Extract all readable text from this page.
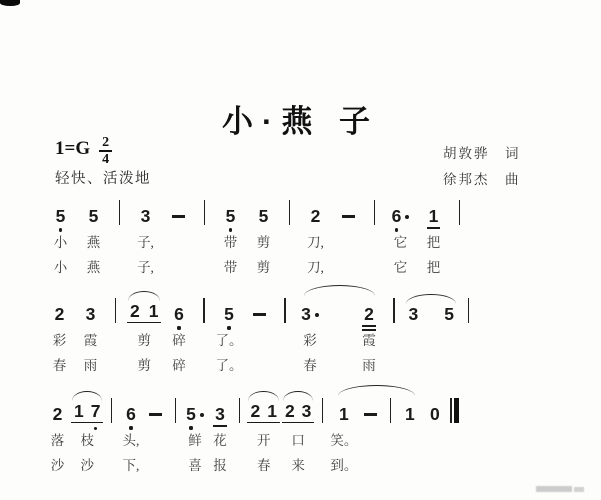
小·燕 子
$1=G \frac{2}{4}$
轻快、活泼地
胡敦骅　词
徐邦杰　曲
5
小
小
5
燕
燕
3
子,
子,
5
带
带
5
剪
剪
2
刀,
刀,
6
它
它
1
把
把
2
彩
春
3
霞
雨
2 1
剪
剪
6
碎
碎
5
了。
了。
3
彩
春
2
霞
雨
3 5
2
落
沙
1 7
枝
沙
6
头,
下,
5
鲜
喜
3
花
报
2 1
开
春
2 3
口
来
1
笑。
到。
1 0
